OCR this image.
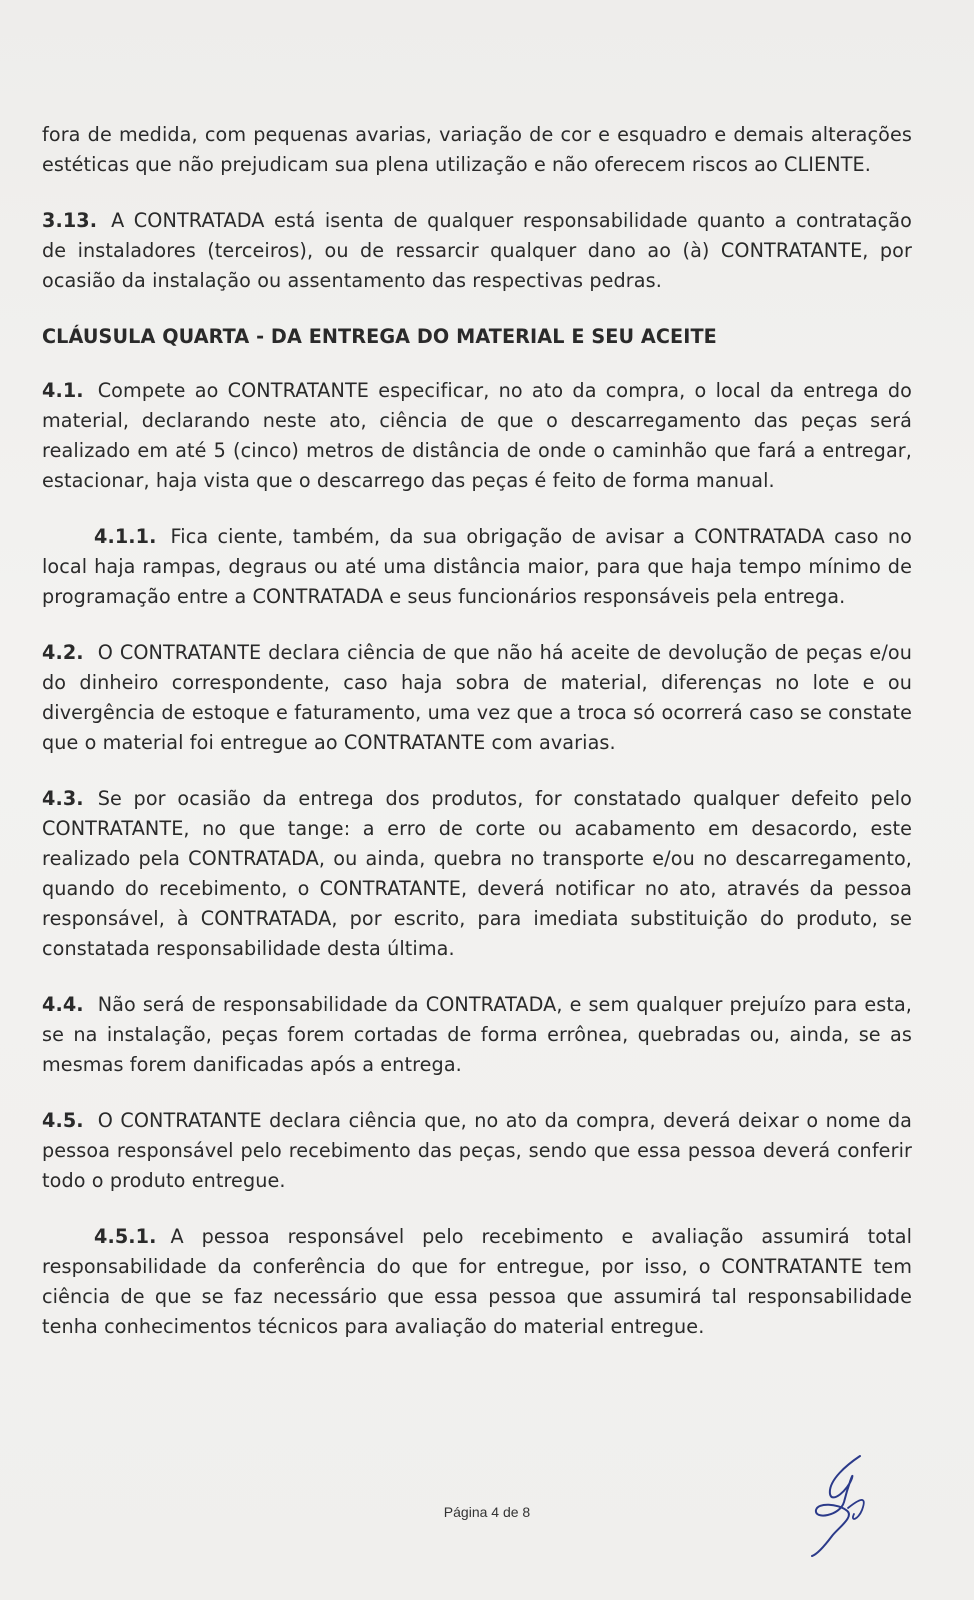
fora de medida, com pequenas avarias, variação de cor e esquadro e demais alterações estéticas que não prejudicam sua plena utilização e não oferecem riscos ao CLIENTE.

3.13. A CONTRATADA está isenta de qualquer responsabilidade quanto a contratação de instaladores (terceiros), ou de ressarcir qualquer dano ao (à) CONTRATANTE, por ocasião da instalação ou assentamento das respectivas pedras.

CLÁUSULA QUARTA - DA ENTREGA DO MATERIAL E SEU ACEITE

4.1. Compete ao CONTRATANTE especificar, no ato da compra, o local da entrega do material, declarando neste ato, ciência de que o descarregamento das peças será realizado em até 5 (cinco) metros de distância de onde o caminhão que fará a entregar, estacionar, haja vista que o descarrego das peças é feito de forma manual.

4.1.1. Fica ciente, também, da sua obrigação de avisar a CONTRATADA caso no local haja rampas, degraus ou até uma distância maior, para que haja tempo mínimo de programação entre a CONTRATADA e seus funcionários responsáveis pela entrega.

4.2. O CONTRATANTE declara ciência de que não há aceite de devolução de peças e/ou do dinheiro correspondente, caso haja sobra de material, diferenças no lote e ou divergência de estoque e faturamento, uma vez que a troca só ocorrerá caso se constate que o material foi entregue ao CONTRATANTE com avarias.

4.3. Se por ocasião da entrega dos produtos, for constatado qualquer defeito pelo CONTRATANTE, no que tange: a erro de corte ou acabamento em desacordo, este realizado pela CONTRATADA, ou ainda, quebra no transporte e/ou no descarregamento, quando do recebimento, o CONTRATANTE, deverá notificar no ato, através da pessoa responsável, à CONTRATADA, por escrito, para imediata substituição do produto, se constatada responsabilidade desta última.

4.4. Não será de responsabilidade da CONTRATADA, e sem qualquer prejuízo para esta, se na instalação, peças forem cortadas de forma errônea, quebradas ou, ainda, se as mesmas forem danificadas após a entrega.

4.5. O CONTRATANTE declara ciência que, no ato da compra, deverá deixar o nome da pessoa responsável pelo recebimento das peças, sendo que essa pessoa deverá conferir todo o produto entregue.

4.5.1. A pessoa responsável pelo recebimento e avaliação assumirá total responsabilidade da conferência do que for entregue, por isso, o CONTRATANTE tem ciência de que se faz necessário que essa pessoa que assumirá tal responsabilidade tenha conhecimentos técnicos para avaliação do material entregue.

Página 4 de 8
